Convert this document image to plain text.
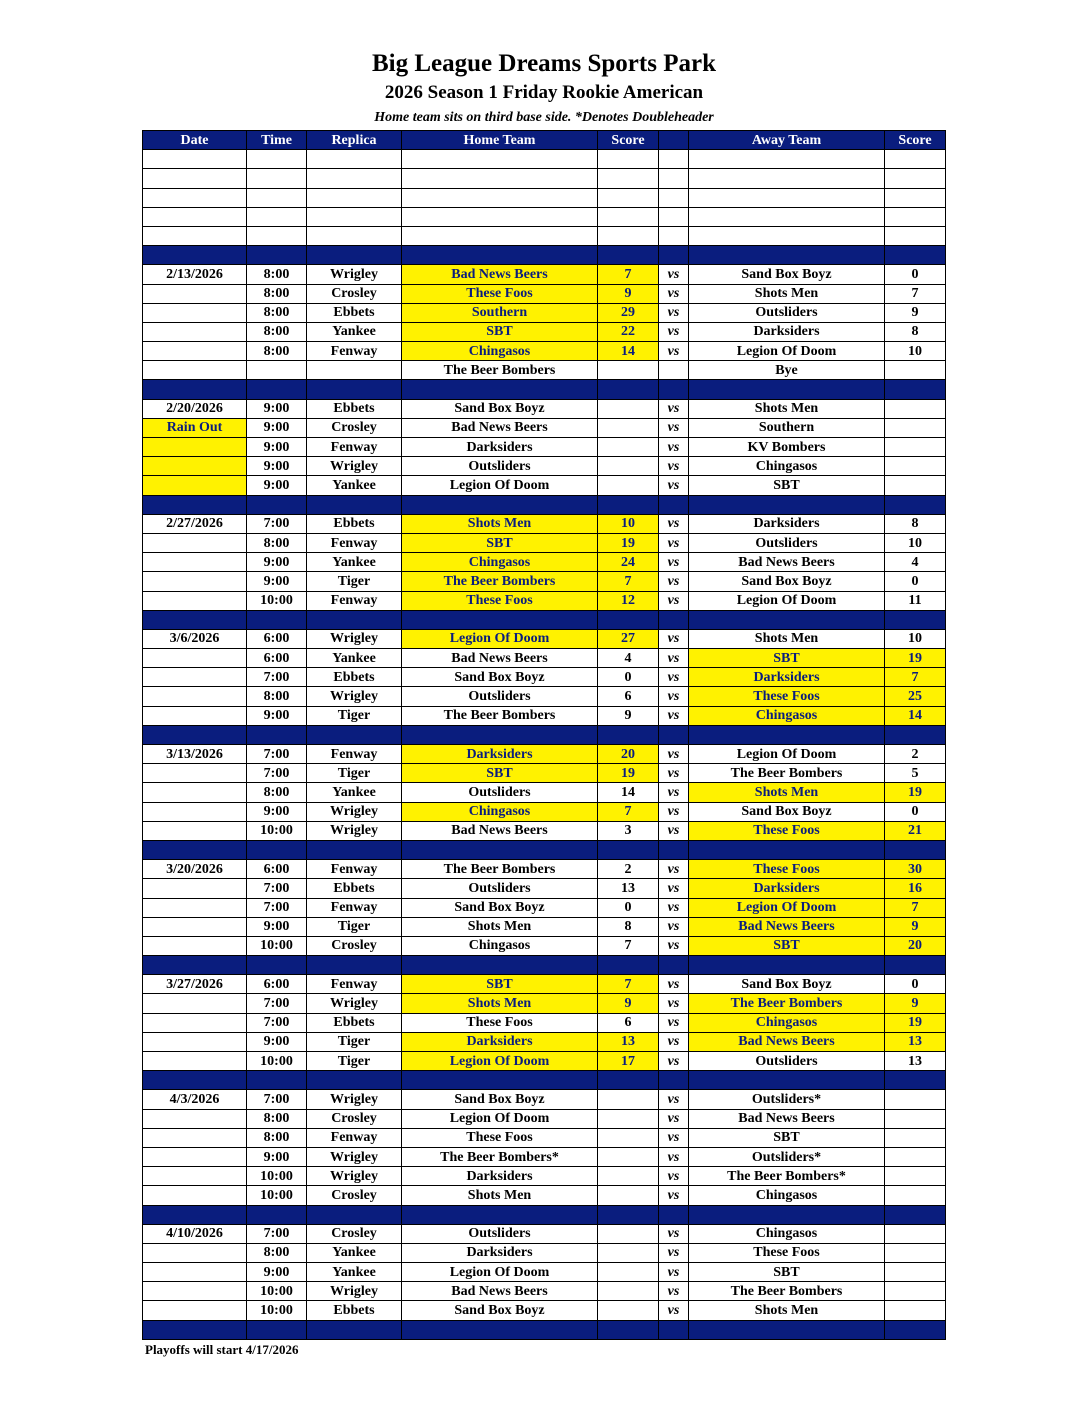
Big League Dreams Sports Park
2026 Season 1 Friday Rookie American
Home team sits on third base side. *Denotes Doubleheader
Date	Time	Replica	Home Team	Score		Away Team	Score

2/13/2026	8:00	Wrigley	Bad News Beers	7	vs	Sand Box Boyz	0
	8:00	Crosley	These Foos	9	vs	Shots Men	7
	8:00	Ebbets	Southern	29	vs	Outsliders	9
	8:00	Yankee	SBT	22	vs	Darksiders	8
	8:00	Fenway	Chingasos	14	vs	Legion Of Doom	10
			The Beer Bombers			Bye	

2/20/2026	9:00	Ebbets	Sand Box Boyz		vs	Shots Men	
Rain Out	9:00	Crosley	Bad News Beers		vs	Southern	
	9:00	Fenway	Darksiders		vs	KV Bombers	
	9:00	Wrigley	Outsliders		vs	Chingasos	
	9:00	Yankee	Legion Of Doom		vs	SBT	

2/27/2026	7:00	Ebbets	Shots Men	10	vs	Darksiders	8
	8:00	Fenway	SBT	19	vs	Outsliders	10
	9:00	Yankee	Chingasos	24	vs	Bad News Beers	4
	9:00	Tiger	The Beer Bombers	7	vs	Sand Box Boyz	0
	10:00	Fenway	These Foos	12	vs	Legion Of Doom	11

3/6/2026	6:00	Wrigley	Legion Of Doom	27	vs	Shots Men	10
	6:00	Yankee	Bad News Beers	4	vs	SBT	19
	7:00	Ebbets	Sand Box Boyz	0	vs	Darksiders	7
	8:00	Wrigley	Outsliders	6	vs	These Foos	25
	9:00	Tiger	The Beer Bombers	9	vs	Chingasos	14

3/13/2026	7:00	Fenway	Darksiders	20	vs	Legion Of Doom	2
	7:00	Tiger	SBT	19	vs	The Beer Bombers	5
	8:00	Yankee	Outsliders	14	vs	Shots Men	19
	9:00	Wrigley	Chingasos	7	vs	Sand Box Boyz	0
	10:00	Wrigley	Bad News Beers	3	vs	These Foos	21

3/20/2026	6:00	Fenway	The Beer Bombers	2	vs	These Foos	30
	7:00	Ebbets	Outsliders	13	vs	Darksiders	16
	7:00	Fenway	Sand Box Boyz	0	vs	Legion Of Doom	7
	9:00	Tiger	Shots Men	8	vs	Bad News Beers	9
	10:00	Crosley	Chingasos	7	vs	SBT	20

3/27/2026	6:00	Fenway	SBT	7	vs	Sand Box Boyz	0
	7:00	Wrigley	Shots Men	9	vs	The Beer Bombers	9
	7:00	Ebbets	These Foos	6	vs	Chingasos	19
	9:00	Tiger	Darksiders	13	vs	Bad News Beers	13
	10:00	Tiger	Legion Of Doom	17	vs	Outsliders	13

4/3/2026	7:00	Wrigley	Sand Box Boyz		vs	Outsliders*	
	8:00	Crosley	Legion Of Doom		vs	Bad News Beers	
	8:00	Fenway	These Foos		vs	SBT	
	9:00	Wrigley	The Beer Bombers*		vs	Outsliders*	
	10:00	Wrigley	Darksiders		vs	The Beer Bombers*	
	10:00	Crosley	Shots Men		vs	Chingasos	

4/10/2026	7:00	Crosley	Outsliders		vs	Chingasos	
	8:00	Yankee	Darksiders		vs	These Foos	
	9:00	Yankee	Legion Of Doom		vs	SBT	
	10:00	Wrigley	Bad News Beers		vs	The Beer Bombers	
	10:00	Ebbets	Sand Box Boyz		vs	Shots Men	

Playoffs will start 4/17/2026
